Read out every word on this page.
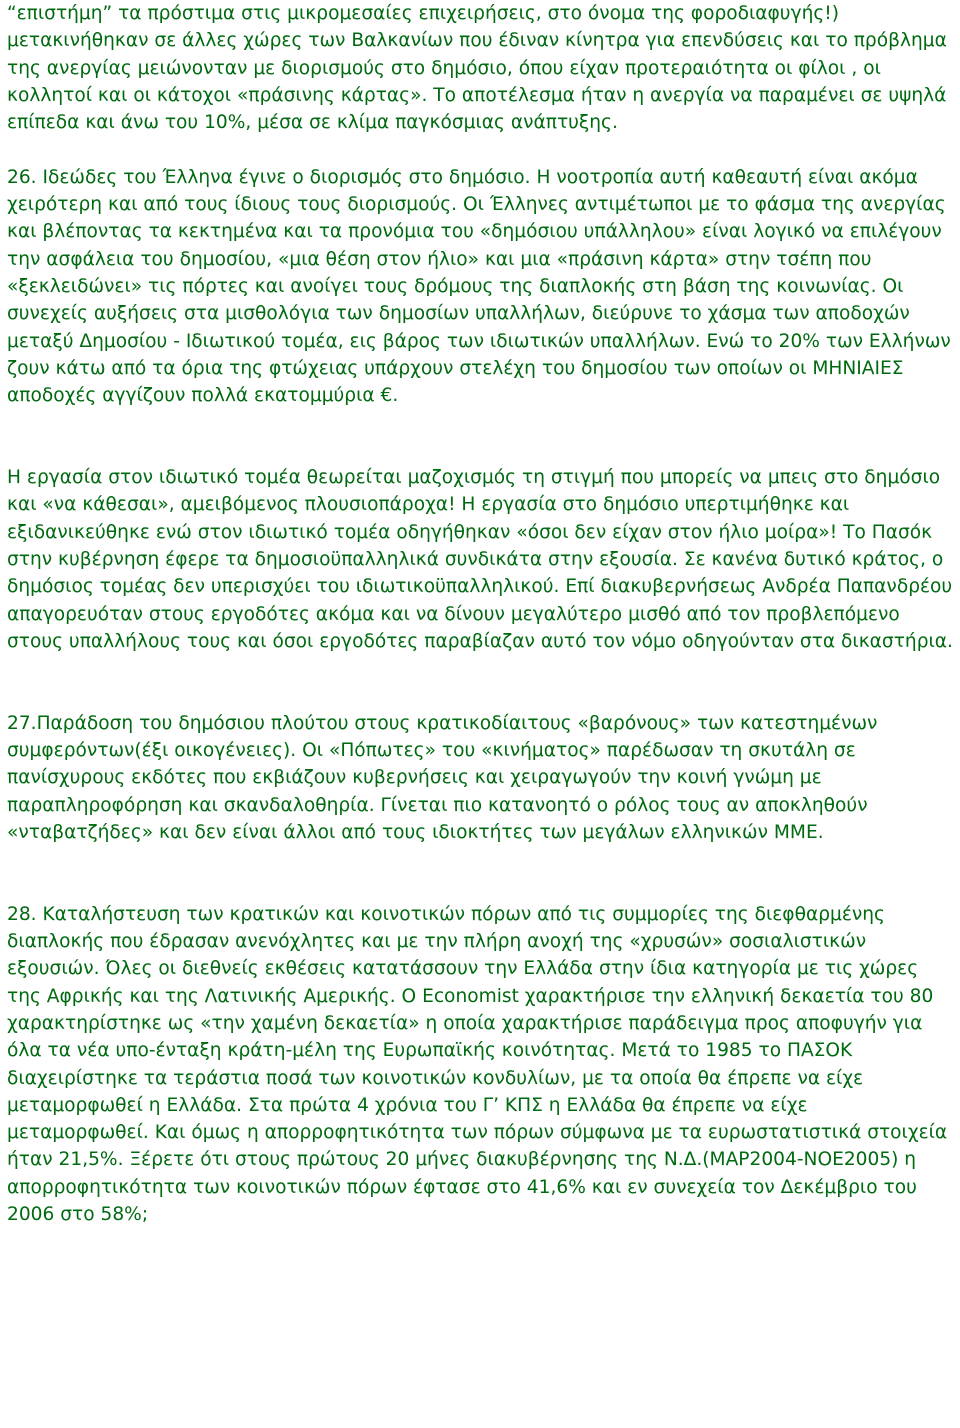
“επιστήμη” τα πρόστιμα στις μικρομεσαίες επιχειρήσεις, στο όνομα της φοροδιαφυγής!) μετακινήθηκαν σε άλλες χώρες των Βαλκανίων που έδιναν κίνητρα για επενδύσεις και το πρόβλημα της ανεργίας μειώνονταν με διορισμούς στο δημόσιο, όπου είχαν προτεραιότητα οι φίλοι , οι κολλητοί και οι κάτοχοι «πράσινης κάρτας». Το αποτέλεσμα ήταν η ανεργία να παραμένει σε υψηλά επίπεδα και άνω του 10%, μέσα σε κλίμα παγκόσμιας ανάπτυξης.

26. Ιδεώδες του Έλληνα έγινε ο διορισμός στο δημόσιο. Η νοοτροπία αυτή καθεαυτή είναι ακόμα χειρότερη και από τους ίδιους τους διορισμούς. Οι Έλληνες αντιμέτωποι με το φάσμα της ανεργίας και βλέποντας τα κεκτημένα και τα προνόμια του «δημόσιου υπάλληλου» είναι λογικό να επιλέγουν την ασφάλεια του δημοσίου, «μια θέση στον ήλιο» και μια «πράσινη κάρτα» στην τσέπη που «ξεκλειδώνει» τις πόρτες και ανοίγει τους δρόμους της διαπλοκής στη βάση της κοινωνίας. Οι συνεχείς αυξήσεις στα μισθολόγια των δημοσίων υπαλλήλων, διεύρυνε το χάσμα των αποδοχών μεταξύ Δημοσίου - Ιδιωτικού τομέα, εις βάρος των ιδιωτικών υπαλλήλων. Ενώ το 20% των Ελλήνων ζουν κάτω από τα όρια της φτώχειας υπάρχουν στελέχη του δημοσίου των οποίων οι ΜΗΝΙΑΙΕΣ αποδοχές αγγίζουν πολλά εκατομμύρια €.

Η εργασία στον ιδιωτικό τομέα θεωρείται μαζοχισμός τη στιγμή που μπορείς να μπεις στο δημόσιο και «να κάθεσαι», αμειβόμενος πλουσιοπάροχα! Η εργασία στο δημόσιο υπερτιμήθηκε και εξιδανικεύθηκε ενώ στον ιδιωτικό τομέα οδηγήθηκαν «όσοι δεν είχαν στον ήλιο μοίρα»! Το Πασόκ στην κυβέρνηση έφερε τα δημοσιοϋπαλληλικά συνδικάτα στην εξουσία. Σε κανένα δυτικό κράτος, ο δημόσιος τομέας δεν υπερισχύει του ιδιωτικοϋπαλληλικού. Επί διακυβερνήσεως Ανδρέα Παπανδρέου απαγορευόταν στους εργοδότες ακόμα και να δίνουν μεγαλύτερο μισθό από τον προβλεπόμενο στους υπαλλήλους τους και όσοι εργοδότες παραβίαζαν αυτό τον νόμο οδηγούνταν στα δικαστήρια.

27.Παράδοση του δημόσιου πλούτου στους κρατικοδίαιτους «βαρόνους» των κατεστημένων συμφερόντων(έξι οικογένειες). Οι «Πόπωτες» του «κινήματος» παρέδωσαν τη σκυτάλη σε πανίσχυρους εκδότες που εκβιάζουν κυβερνήσεις και χειραγωγούν την κοινή γνώμη με παραπληροφόρηση και σκανδαλοθηρία. Γίνεται πιο κατανοητό ο ρόλος τους αν αποκληθούν «νταβατζήδες» και δεν είναι άλλοι από τους ιδιοκτήτες των μεγάλων ελληνικών ΜΜΕ.

28. Καταλήστευση των κρατικών και κοινοτικών πόρων από τις συμμορίες της διεφθαρμένης διαπλοκής που έδρασαν ανενόχλητες και με την πλήρη ανοχή της «χρυσών» σοσιαλιστικών εξουσιών. Όλες οι διεθνείς εκθέσεις κατατάσσουν την Ελλάδα στην ίδια κατηγορία με τις χώρες της Αφρικής και της Λατινικής Αμερικής. Ο Economist χαρακτήρισε την ελληνική δεκαετία του 80 χαρακτηρίστηκε ως «την χαμένη δεκαετία» η οποία χαρακτήρισε παράδειγμα προς αποφυγήν για όλα τα νέα υπο-ένταξη κράτη-μέλη της Ευρωπαϊκής κοινότητας. Μετά το 1985 το ΠΑΣΟΚ διαχειρίστηκε τα τεράστια ποσά των κοινοτικών κονδυλίων, με τα οποία θα έπρεπε να είχε μεταμορφωθεί η Ελλάδα. Στα πρώτα 4 χρόνια του Γ’ ΚΠΣ η Ελλάδα θα έπρεπε να είχε μεταμορφωθεί. Και όμως η απορροφητικότητα των πόρων σύμφωνα με τα ευρωστατιστικά στοιχεία ήταν 21,5%. Ξέρετε ότι στους πρώτους 20 μήνες διακυβέρνησης της Ν.Δ.(ΜΑΡ2004-ΝΟΕ2005) η απορροφητικότητα των κοινοτικών πόρων έφτασε στο 41,6% και εν συνεχεία τον Δεκέμβριο του 2006 στο 58%;
